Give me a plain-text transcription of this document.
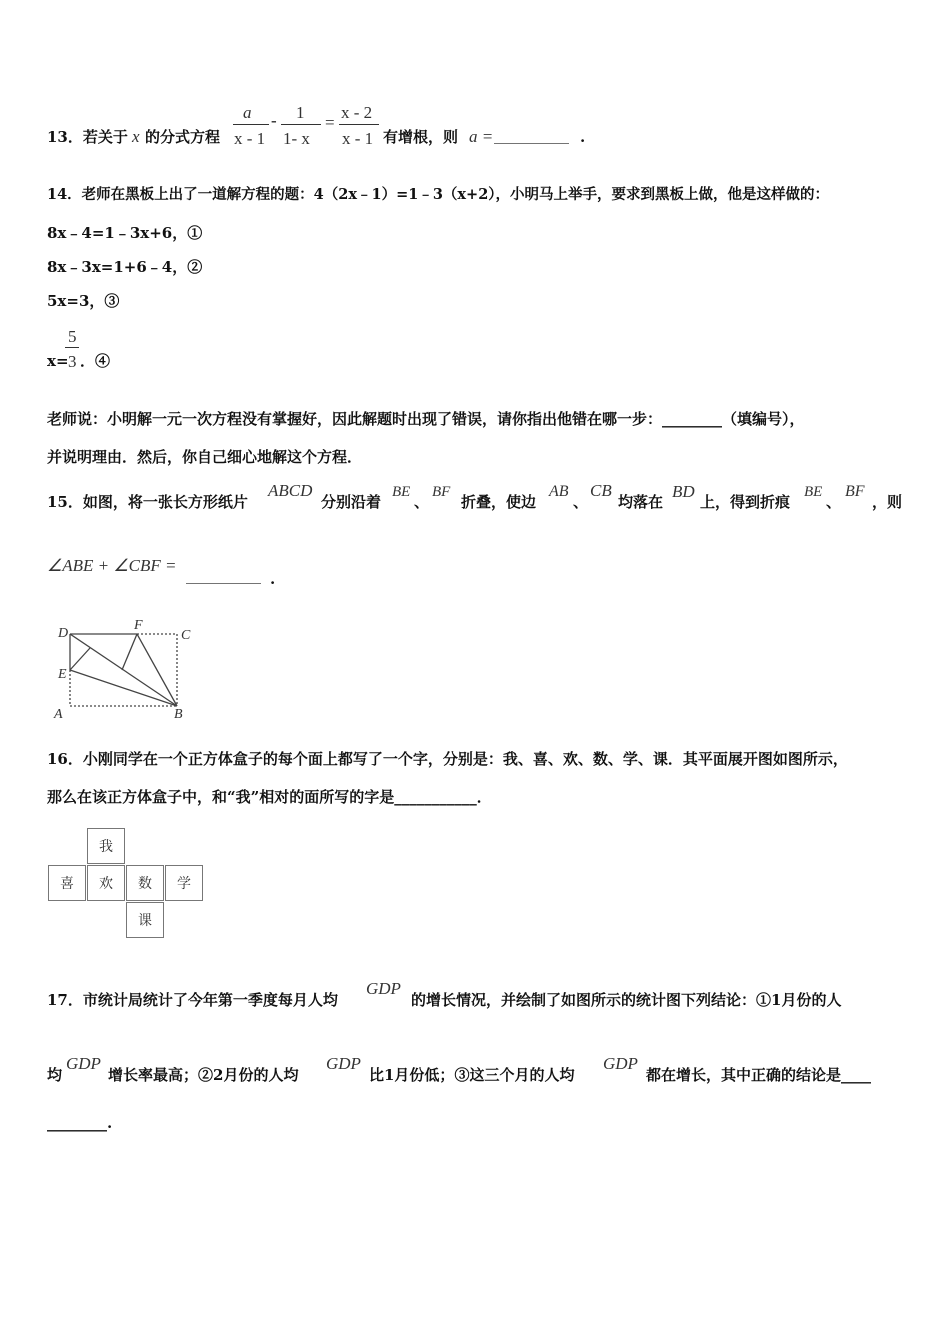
13．若关于 x 的分式方程
a
x - 1
- 1
1- x
=
x - 2
x - 1 有增根，则 a = __________ .
14．老师在黑板上出了一道解方程的题：4（2x﹣1）=1﹣3（x+2），小明马上举手，要求到黑板上做，他是这样做的：
8x﹣4=1﹣3x+6，①
8x﹣3x=1+6﹣4，②
5x=3，③
x=
5
3 ．④
老师说：小明解一元一次方程没有掌握好，因此解题时出现了错误，请你指出他错在哪一步：________（填编号），
并说明理由．然后，你自己细心地解这个方程．
15．如图，将一张长方形纸片
ABCD
分别沿着
BE
、
BF
折叠，使边
AB
、
CB
均落在
BD
上，得到折痕
BE
、
BF
，则
∠ABE + ∠CBF = __________ .
D
F
C
E
A	B
16．小刚同学在一个正方体盒子的每个面上都写了一个字，分别是：我、喜、欢、数、学、课．其平面展开图如图所示，
那么在该正方体盒子中，和“我”相对的面所写的字是___________．
我
喜	欢	数	学
课
17．市统计局统计了今年第一季度每月人均
GDP
的增长情况，并绘制了如图所示的统计图下列结论：①1月份的人
均
GDP
增长率最高；②2月份的人均
GDP
比1月份低；③这三个月的人均
GDP
都在增长，其中正确的结论是____
________.
